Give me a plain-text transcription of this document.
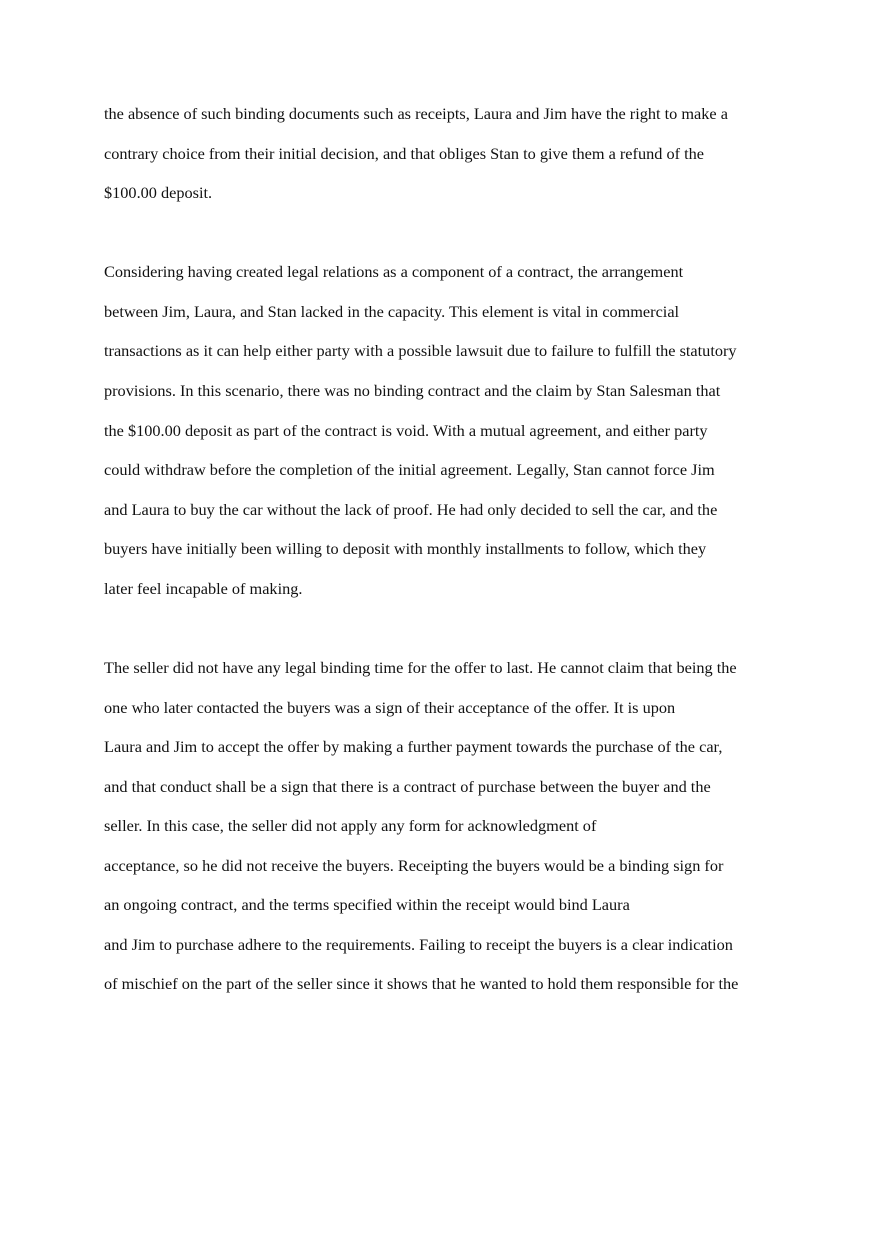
the absence of such binding documents such as receipts, Laura and Jim have the right to make a
contrary choice from their initial decision, and that obliges Stan to give them a refund of the
$100.00 deposit.
Considering having created legal relations as a component of a contract, the arrangement
between Jim, Laura, and Stan lacked in the capacity. This element is vital in commercial
transactions as it can help either party with a possible lawsuit due to failure to fulfill the statutory
provisions. In this scenario, there was no binding contract and the claim by Stan Salesman that
the $100.00 deposit as part of the contract is void. With a mutual agreement, and either party
could withdraw before the completion of the initial agreement. Legally, Stan cannot force Jim
and Laura to buy the car without the lack of proof. He had only decided to sell the car, and the
buyers have initially been willing to deposit with monthly installments to follow, which they
later feel incapable of making.
The seller did not have any legal binding time for the offer to last. He cannot claim that being the
one who later contacted the buyers was a sign of their acceptance of the offer. It is upon
Laura and Jim to accept the offer by making a further payment towards the purchase of the car,
and that conduct shall be a sign that there is a contract of purchase between the buyer and the
seller. In this case, the seller did not apply any form for acknowledgment of
acceptance, so he did not receive the buyers. Receipting the buyers would be a binding sign for
an ongoing contract, and the terms specified within the receipt would bind Laura
and Jim to purchase adhere to the requirements. Failing to receipt the buyers is a clear indication
of mischief on the part of the seller since it shows that he wanted to hold them responsible for the
